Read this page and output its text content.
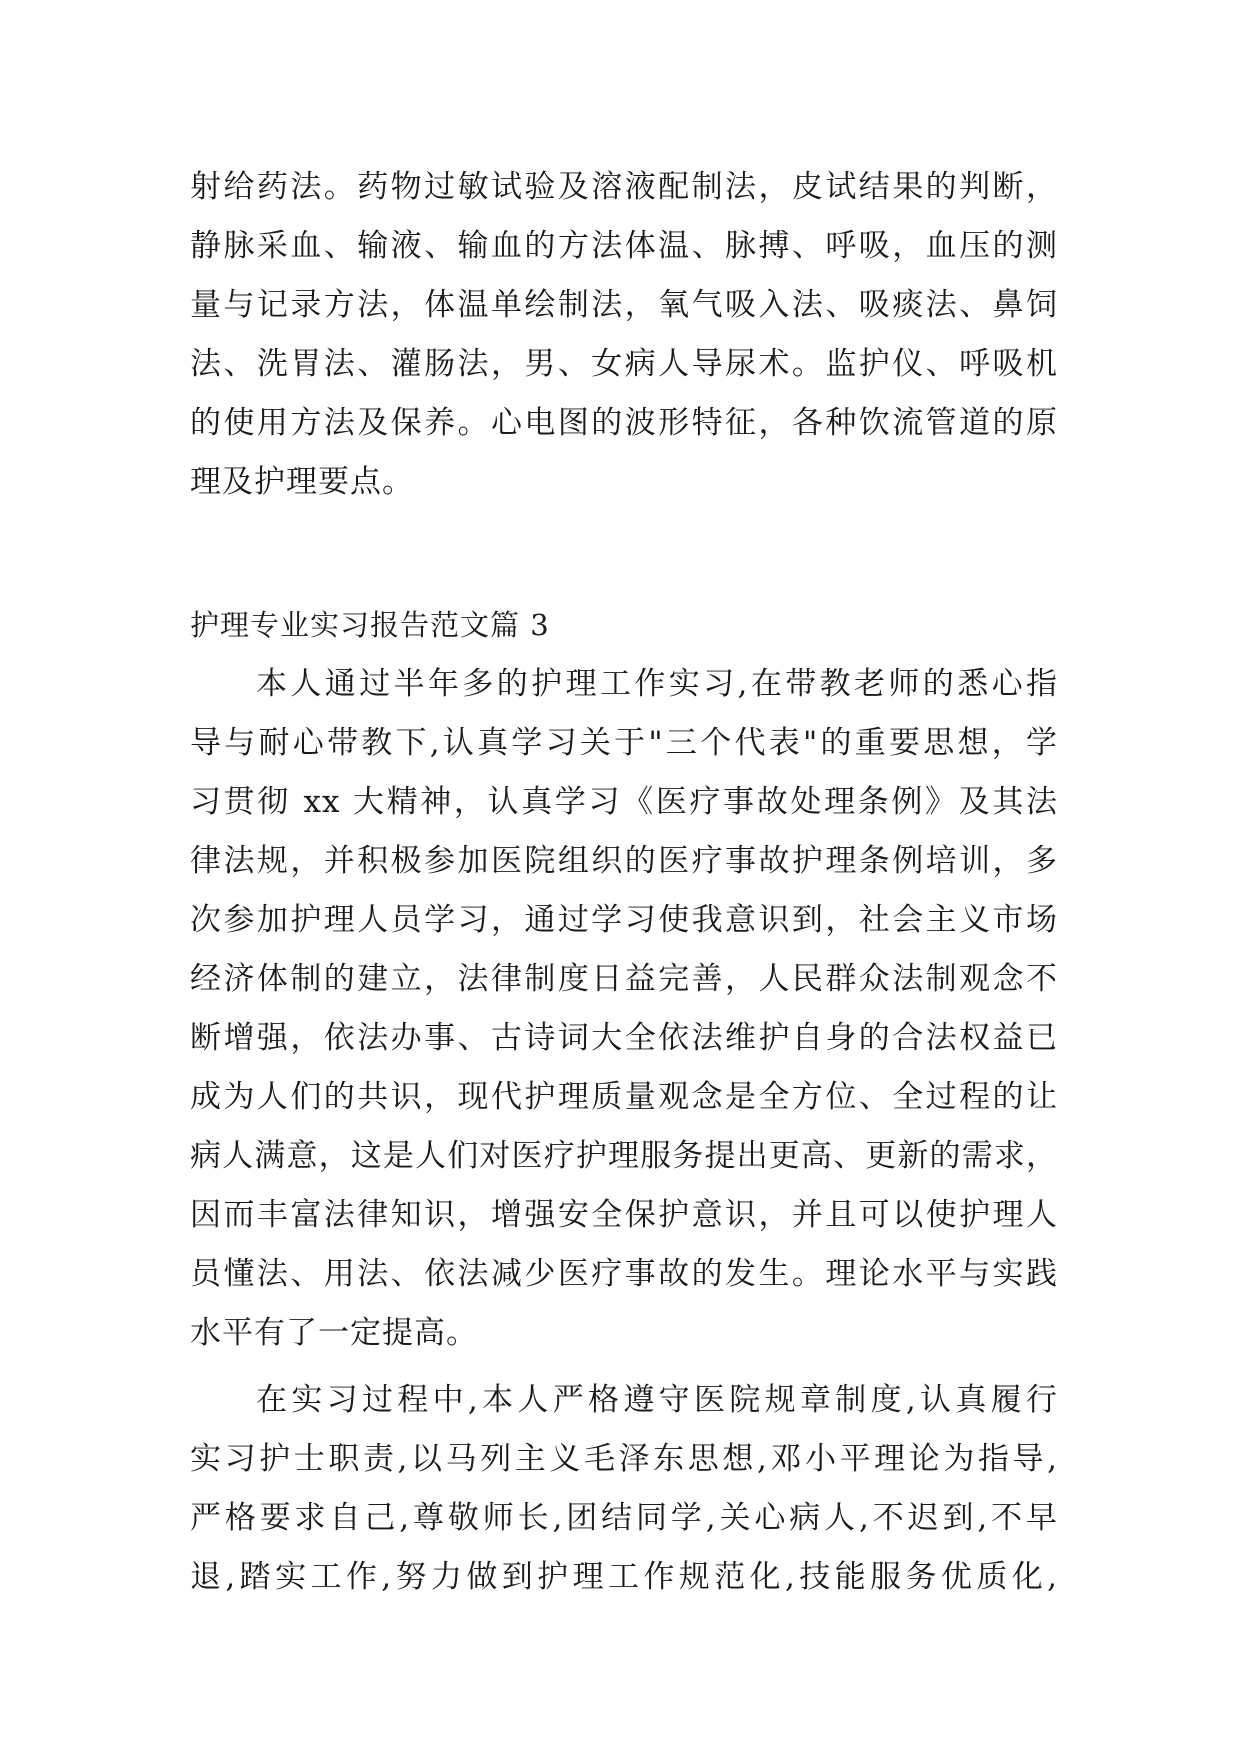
射给药法。药物过敏试验及溶液配制法，皮试结果的判断，
静脉采血、输液、输血的方法体温、脉搏、呼吸，血压的测
量与记录方法，体温单绘制法，氧气吸入法、吸痰法、鼻饲
法、洗胃法、灌肠法，男、女病人导尿术。监护仪、呼吸机
的使用方法及保养。心电图的波形特征，各种饮流管道的原
理及护理要点。
护理专业实习报告范文篇 3
本人通过半年多的护理工作实习,在带教老师的悉心指
导与耐心带教下,认真学习关于"三个代表"的重要思想，学
习贯彻 xx 大精神，认真学习《医疗事故处理条例》及其法
律法规，并积极参加医院组织的医疗事故护理条例培训，多
次参加护理人员学习，通过学习使我意识到，社会主义市场
经济体制的建立，法律制度日益完善，人民群众法制观念不
断增强，依法办事、古诗词大全依法维护自身的合法权益已
成为人们的共识，现代护理质量观念是全方位、全过程的让
病人满意，这是人们对医疗护理服务提出更高、更新的需求，
因而丰富法律知识，增强安全保护意识，并且可以使护理人
员懂法、用法、依法减少医疗事故的发生。理论水平与实践
水平有了一定提高。
在实习过程中,本人严格遵守医院规章制度,认真履行
实习护士职责,以马列主义毛泽东思想,邓小平理论为指导,
严格要求自己,尊敬师长,团结同学,关心病人,不迟到,不早
退,踏实工作,努力做到护理工作规范化,技能服务优质化,
